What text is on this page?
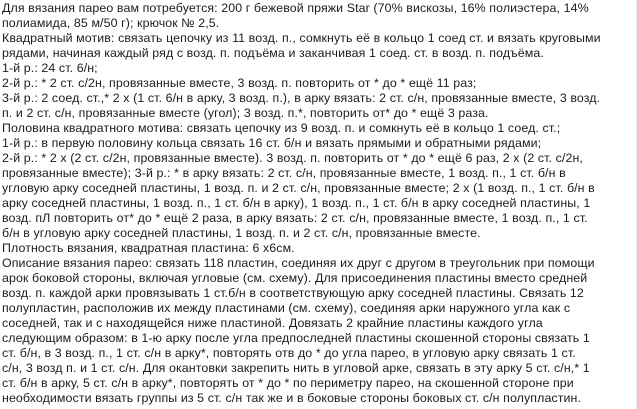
Для вязания парео вам потребуется: 200 г бежевой пряжи Star (70% вискозы, 16% полиэстера, 14%
полиамида, 85 м/50 г); крючок № 2,5.
Квадратный мотив: связать цепочку из 11 возд. п., сомкнуть её в кольцо 1 соед ст. и вязать круговыми
рядами, начиная каждый ряд с возд. п. подъёма и заканчивая 1 соед. ст. в возд. п. подъёма.
1-й р.: 24 ст. 6/н;
2-й р.: * 2 ст. с/2н, провязанные вместе, 3 возд. п. повторить от * до * ещё 11 раз;
3-й р.: 2 соед. ст.,* 2 х (1 ст. 6/н в арку, 3 возд. п.), в арку вязать: 2 ст. с/н, провязанные вместе, 3 возд.
п. и 2 ст. с/н, провязанные вместе (угол); 3 возд. п.*, повторить от* до * ещё 3 раза.
Половина квадратного мотива: связать цепочку из 9 возд. п. и сомкнуть её в кольцо 1 соед. ст.;
1-й р.: в первую половину кольца связать 16 ст. б/н и вязать прямыми и обратными рядами;
2-й р.: * 2 х (2 ст. с/2н, провязанные вместе). 3 возд. п. повторить от * до * ещё 6 раз, 2 х (2 ст. с/2н,
провязанные вместе); 3-й р.: * в арку вязать: 2 ст. с/н, провязанные вместе, 1 возд. п., 1 ст. б/н в
угловую арку соседней пластины, 1 возд. п. и 2 ст. с/н, провязанные вместе; 2 х (1 возд. п., 1 ст. б/н в
арку соседней пластины, 1 возд. п., 1 ст. б/н в арку), 1 возд. п., 1 ст. б/н в арку соседней пластины, 1
возд. пЛ повторить от* до * ещё 2 раза, в арку вязать: 2 ст. с/н, провязанные вместе, 1 возд. п., 1 ст.
б/н в угловую арку соседней пластины, 1 возд. п. и 2 ст. с/н, провязанные вместе.
Плотность вязания, квадратная пластина: 6 х6см.
Описание вязания парео: связать 118 пластин, соединяя их друг с другом в треугольник при помощи
арок боковой стороны, включая угловые (см. схему). Для присоединения пластины вместо средней
возд. п. каждой арки провязывать 1 ст.б/н в соответствующую арку соседней пластины. Связать 12
полупластин, расположив их между пластинами (см. схему), соединяя арки наружного угла как с
соседней, так и с находящейся ниже пластиной. Довязать 2 крайние пластины каждого угла
следующим образом: в 1-ю арку после угла предпоследней пластины скошенной стороны связать 1
ст. б/н, в 3 возд. п., 1 ст. с/н в арку*, повторять отв до * до угла парео, в угловую арку связать 1 ст.
с/н, 3 возд п. и 1 ст. с/н. Для окантовки закрепить нить в угловой арке, связать в эту арку 5 ст. с/н,* 1
ст. б/н в арку, 5 ст. с/н в арку*, повторять от * до * по периметру парео, на скошенной стороне при
необходимости вязать группы из 5 ст. с/н так же и в боковые стороны боковых ст. с/н полупластин.
